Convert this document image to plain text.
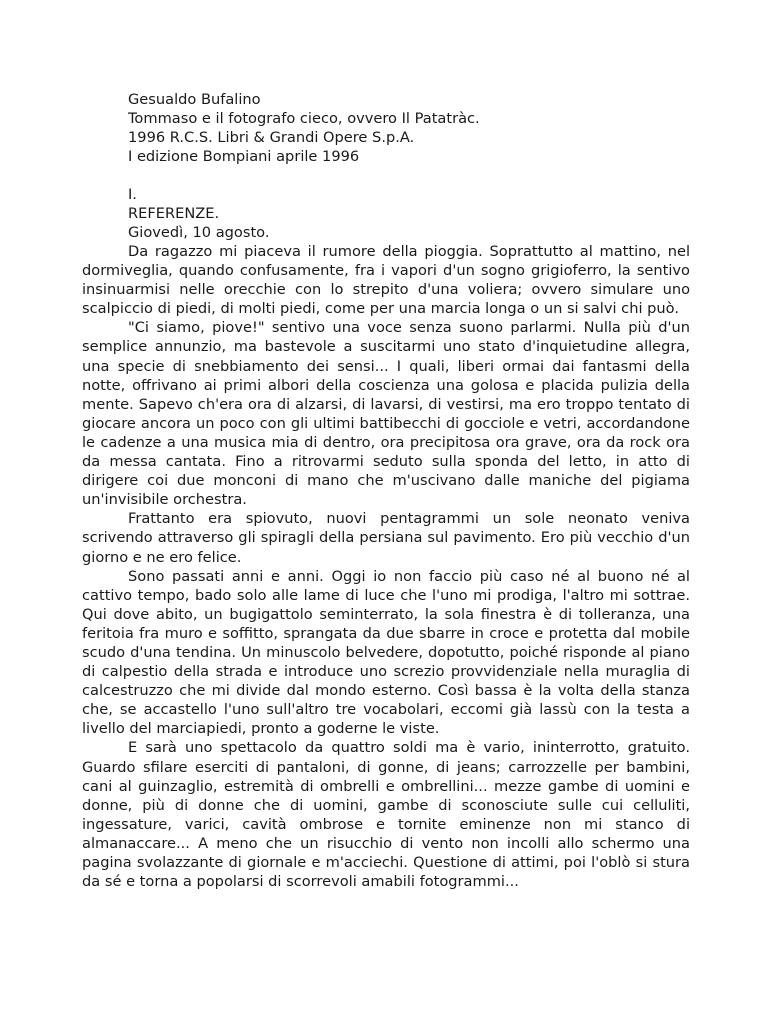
Gesualdo Bufalino
Tommaso e il fotografo cieco, ovvero Il Patatràc.
1996 R.C.S. Libri & Grandi Opere S.p.A.
I edizione Bompiani aprile 1996
I.
REFERENZE.
Giovedì, 10 agosto.

Da ragazzo mi piaceva il rumore della pioggia. Soprattutto al mattino, nel dormiveglia, quando confusamente, fra i vapori d'un sogno grigioferro, la sentivo insinuarmisi nelle orecchie con lo strepito d'una voliera; ovvero simulare uno scalpiccio di piedi, di molti piedi, come per una marcia longa o un si salvi chi può.

"Ci siamo, piove!" sentivo una voce senza suono parlarmi. Nulla più d'un semplice annunzio, ma bastevole a suscitarmi uno stato d'inquietudine allegra, una specie di snebbiamento dei sensi... I quali, liberi ormai dai fantasmi della notte, offrivano ai primi albori della coscienza una golosa e placida pulizia della mente. Sapevo ch'era ora di alzarsi, di lavarsi, di vestirsi, ma ero troppo tentato di giocare ancora un poco con gli ultimi battibecchi di gocciole e vetri, accordandone le cadenze a una musica mia di dentro, ora precipitosa ora grave, ora da rock ora da messa cantata. Fino a ritrovarmi seduto sulla sponda del letto, in atto di dirigere coi due monconi di mano che m'uscivano dalle maniche del pigiama un'invisibile orchestra.

Frattanto era spiovuto, nuovi pentagrammi un sole neonato veniva scrivendo attraverso gli spiragli della persiana sul pavimento. Ero più vecchio d'un giorno e ne ero felice.

Sono passati anni e anni. Oggi io non faccio più caso né al buono né al cattivo tempo, bado solo alle lame di luce che l'uno mi prodiga, l'altro mi sottrae. Qui dove abito, un bugigattolo seminterrato, la sola finestra è di tolleranza, una feritoia fra muro e soffitto, sprangata da due sbarre in croce e protetta dal mobile scudo d'una tendina. Un minuscolo belvedere, dopotutto, poiché risponde al piano di calpestio della strada e introduce uno screzio provvidenziale nella muraglia di calcestruzzo che mi divide dal mondo esterno. Così bassa è la volta della stanza che, se accastello l'uno sull'altro tre vocabolari, eccomi già lassù con la testa a livello del marciapiedi, pronto a goderne le viste.

E sarà uno spettacolo da quattro soldi ma è vario, ininterrotto, gratuito. Guardo sfilare eserciti di pantaloni, di gonne, di jeans; carrozzelle per bambini, cani al guinzaglio, estremità di ombrelli e ombrellini... mezze gambe di uomini e donne, più di donne che di uomini, gambe di sconosciute sulle cui celluliti, ingessature, varici, cavità ombrose e tornite eminenze non mi stanco di almanaccare... A meno che un risucchio di vento non incolli allo schermo una pagina svolazzante di giornale e m'acciechi. Questione di attimi, poi l'oblò si stura da sé e torna a popolarsi di scorrevoli amabili fotogrammi...
